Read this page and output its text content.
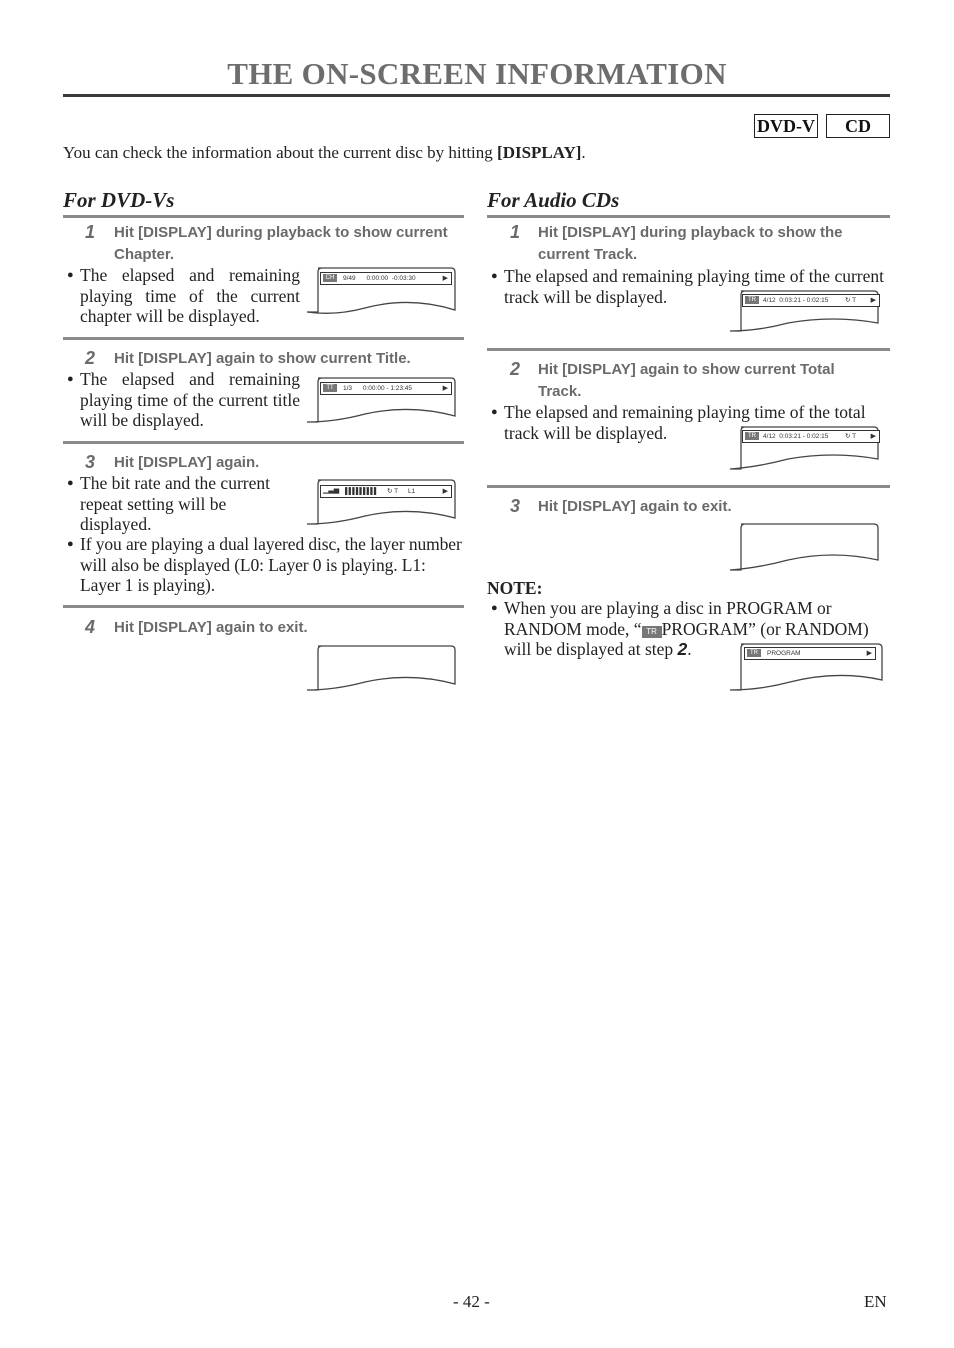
THE ON-SCREEN INFORMATION
DVD-V	CD
You can check the information about the current disc by hitting [DISPLAY].
For DVD-Vs
1 Hit [DISPLAY] during playback to show current Chapter.
● The elapsed and remaining playing time of the current chapter will be displayed.
CH	9/49      0:00:00  -0:03:30	▶
2 Hit [DISPLAY] again to show current Title.
● The elapsed and remaining playing time of the current title will be displayed.
TT	1/3      0:00:00 - 1:23:45	▶
3 Hit [DISPLAY] again.
● The bit rate and the current repeat setting will be displayed.
▁▃▅ ▌▌▌▌▌▌▌▌▌ ↻ T L1	▶
● If you are playing a dual layered disc, the layer number will also be displayed (L0: Layer 0 is playing. L1: Layer 1 is playing).
4 Hit [DISPLAY] again to exit.
For Audio CDs
1 Hit [DISPLAY] during playback to show the current Track.
● The elapsed and remaining playing time of the current track will be displayed.	TR	4/12  0:03:21 - 0:02:15	↻ T ▶
2 Hit [DISPLAY] again to show current Total Track.
● The elapsed and remaining playing time of the total track will be displayed.	TR	4/12  0:03:21 - 0:02:15	↻ T ▶
3 Hit [DISPLAY] again to exit.
NOTE:
● When you are playing a disc in PROGRAM or RANDOM mode, “ TR PROGRAM” (or RANDOM) will be displayed at step 2.	TR	PROGRAM	▶
- 42 -	EN
